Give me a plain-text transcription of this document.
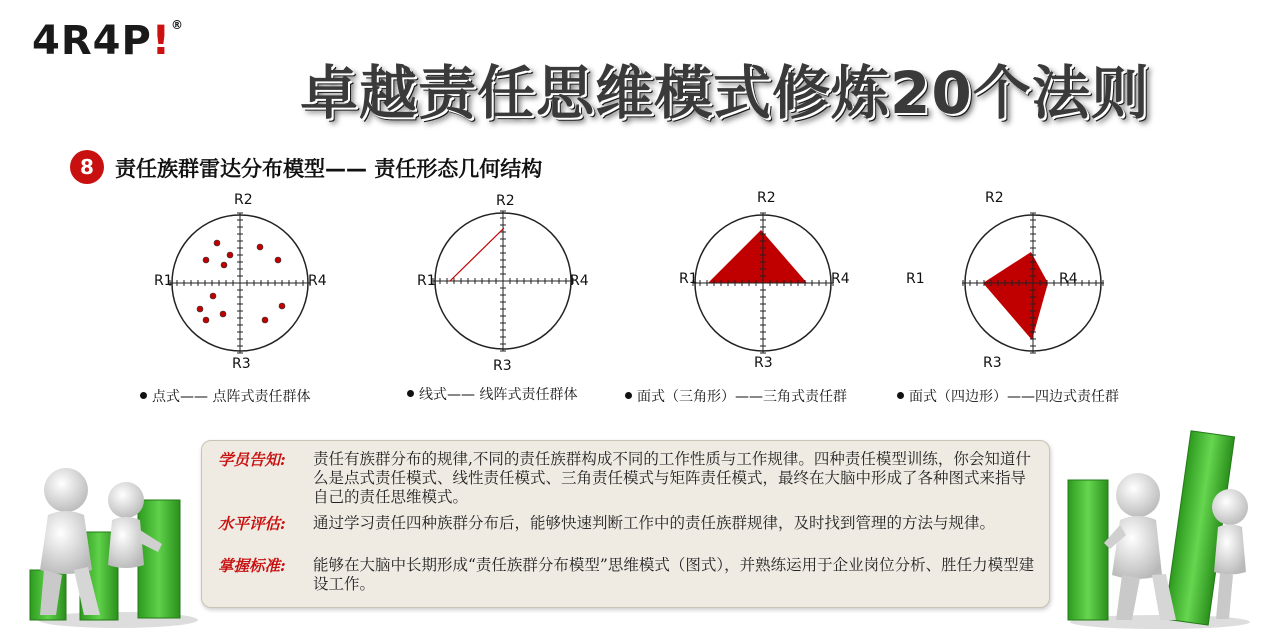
4R4P!®
卓越责任思维模式修炼20个法则
8	责任族群雷达分布模型—— 责任形态几何结构
R2
R1	R4
R3
R2
R1	R4
R3
R2
R1	R4
R3
R2
R1	R4
R3
点式—— 点阵式责任群体	线式—— 线阵式责任群体	面式（三角形）——三角式责任群	面式（四边形）——四边式责任群
学员告知: 责任有族群分布的规律,不同的责任族群构成不同的工作性质与工作规律。四种责任模型训练，你会知道什么是点式责任模式、线性责任模式、三角责任模式与矩阵责任模式，最终在大脑中形成了各种图式来指导自己的责任思维模式。
水平评估: 通过学习责任四种族群分布后，能够快速判断工作中的责任族群规律，及时找到管理的方法与规律。
掌握标准: 能够在大脑中长期形成“责任族群分布模型”思维模式（图式），并熟练运用于企业岗位分析、胜任力模型建设工作。
